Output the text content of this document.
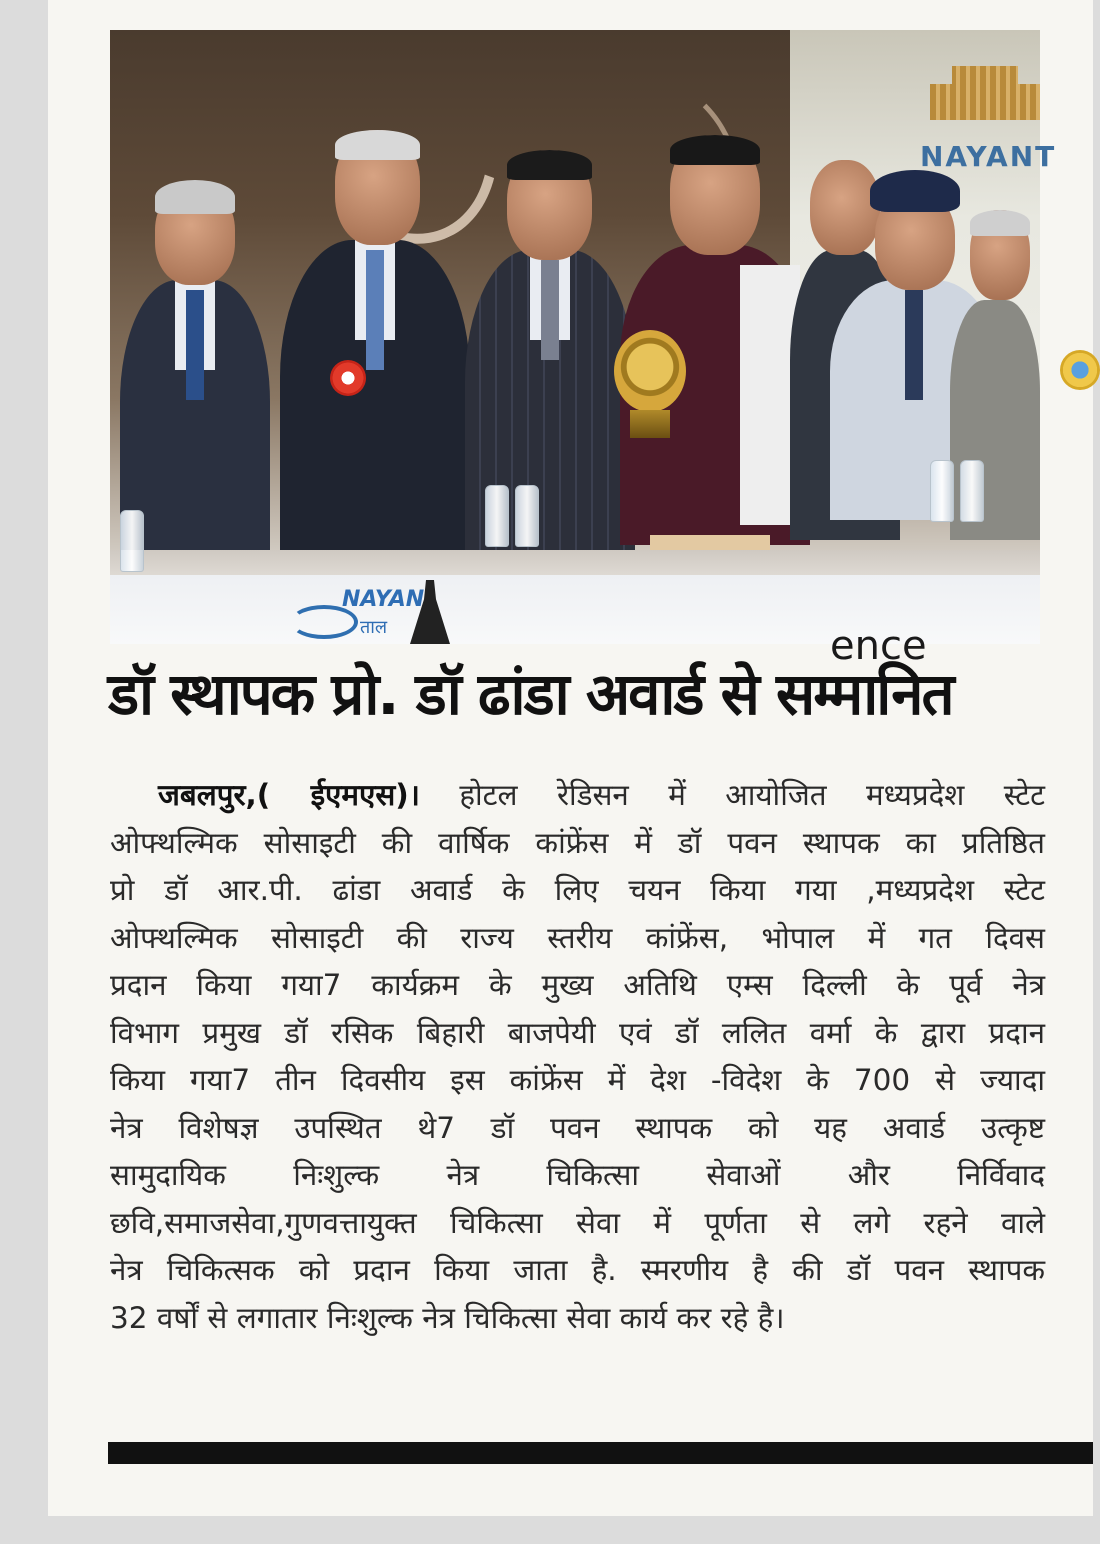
NAYANT
NAYAN
ताल	ence
डॉ स्थापक प्रो. डॉ ढांडा अवार्ड से सम्मानित
जबलपुर,( ईएमएस)। होटल रेडिसन में आयोजित मध्यप्रदेश स्टेट
ओफ्थल्मिक सोसाइटी की वार्षिक कांफ्रेंस में डॉ पवन स्थापक का प्रतिष्ठित
प्रो डॉ आर.पी. ढांडा अवार्ड के लिए चयन किया गया ,मध्यप्रदेश स्टेट
ओफ्थल्मिक सोसाइटी की राज्य स्तरीय कांफ्रेंस, भोपाल में गत दिवस
प्रदान किया गया7 कार्यक्रम के मुख्य अतिथि एम्स दिल्ली के पूर्व नेत्र
विभाग प्रमुख डॉ रसिक बिहारी बाजपेयी एवं डॉ ललित वर्मा के द्वारा प्रदान
किया गया7 तीन दिवसीय इस कांफ्रेंस में देश -विदेश के 700 से ज्यादा
नेत्र विशेषज्ञ उपस्थित थे7 डॉ पवन स्थापक को यह अवार्ड उत्कृष्ट
सामुदायिक निःशुल्क नेत्र चिकित्सा सेवाओं और निर्विवाद
छवि,समाजसेवा,गुणवत्तायुक्त चिकित्सा सेवा में पूर्णता से लगे रहने वाले
नेत्र चिकित्सक को प्रदान किया जाता है. स्मरणीय है की डॉ पवन स्थापक
32 वर्षों से लगातार निःशुल्क नेत्र चिकित्सा सेवा कार्य कर रहे है।
